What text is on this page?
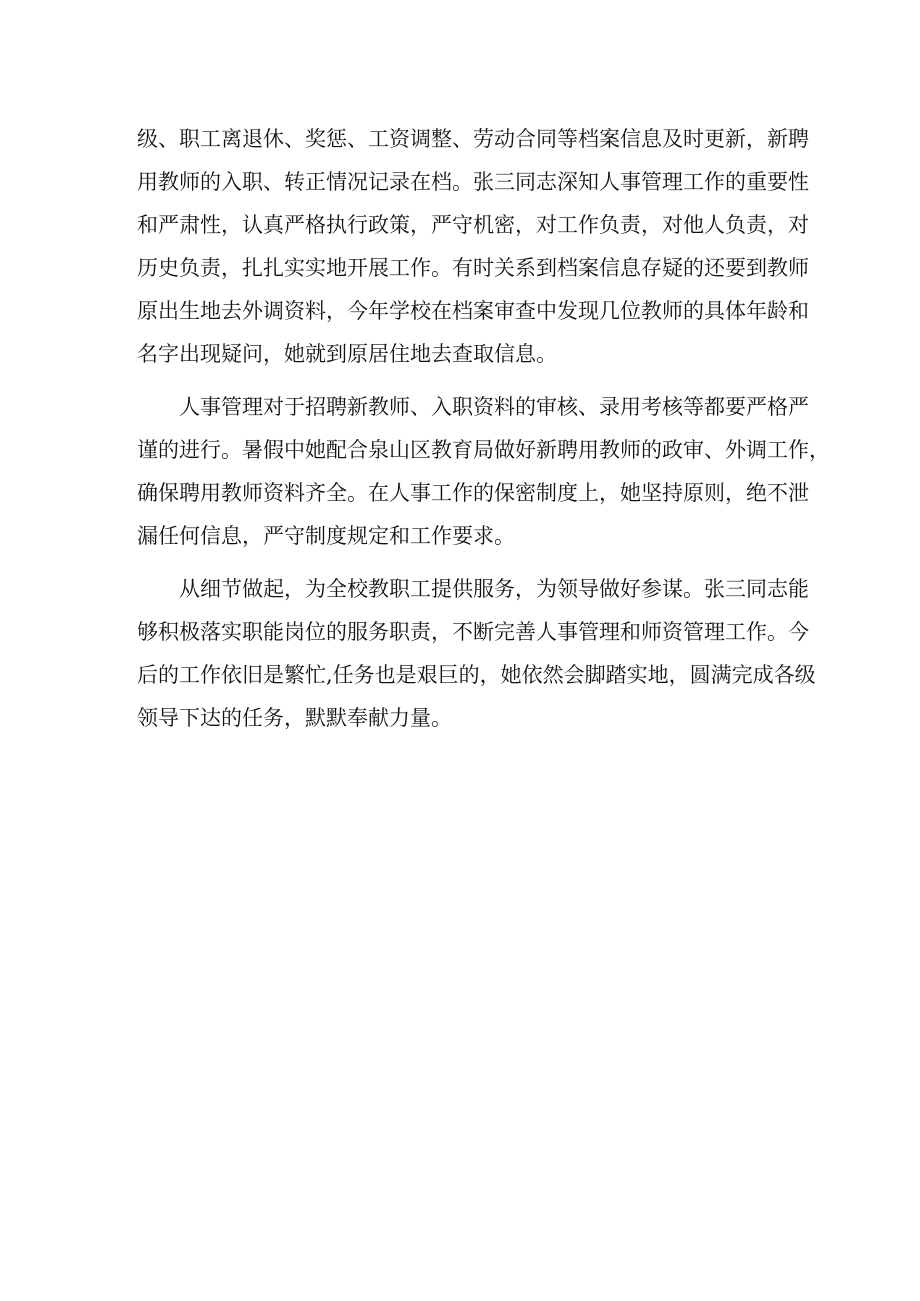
级、职工离退休、奖惩、工资调整、劳动合同等档案信息及时更新，新聘
用教师的入职、转正情况记录在档。张三同志深知人事管理工作的重要性
和严肃性，认真严格执行政策，严守机密，对工作负责，对他人负责，对
历史负责，扎扎实实地开展工作。有时关系到档案信息存疑的还要到教师
原出生地去外调资料，今年学校在档案审查中发现几位教师的具体年龄和
名字出现疑问，她就到原居住地去查取信息。
人事管理对于招聘新教师、入职资料的审核、录用考核等都要严格严
谨的进行。暑假中她配合泉山区教育局做好新聘用教师的政审、外调工作，
确保聘用教师资料齐全。在人事工作的保密制度上，她坚持原则，绝不泄
漏任何信息，严守制度规定和工作要求。
从细节做起，为全校教职工提供服务，为领导做好参谋。张三同志能
够积极落实职能岗位的服务职责，不断完善人事管理和师资管理工作。今
后的工作依旧是繁忙,任务也是艰巨的，她依然会脚踏实地，圆满完成各级
领导下达的任务，默默奉献力量。
